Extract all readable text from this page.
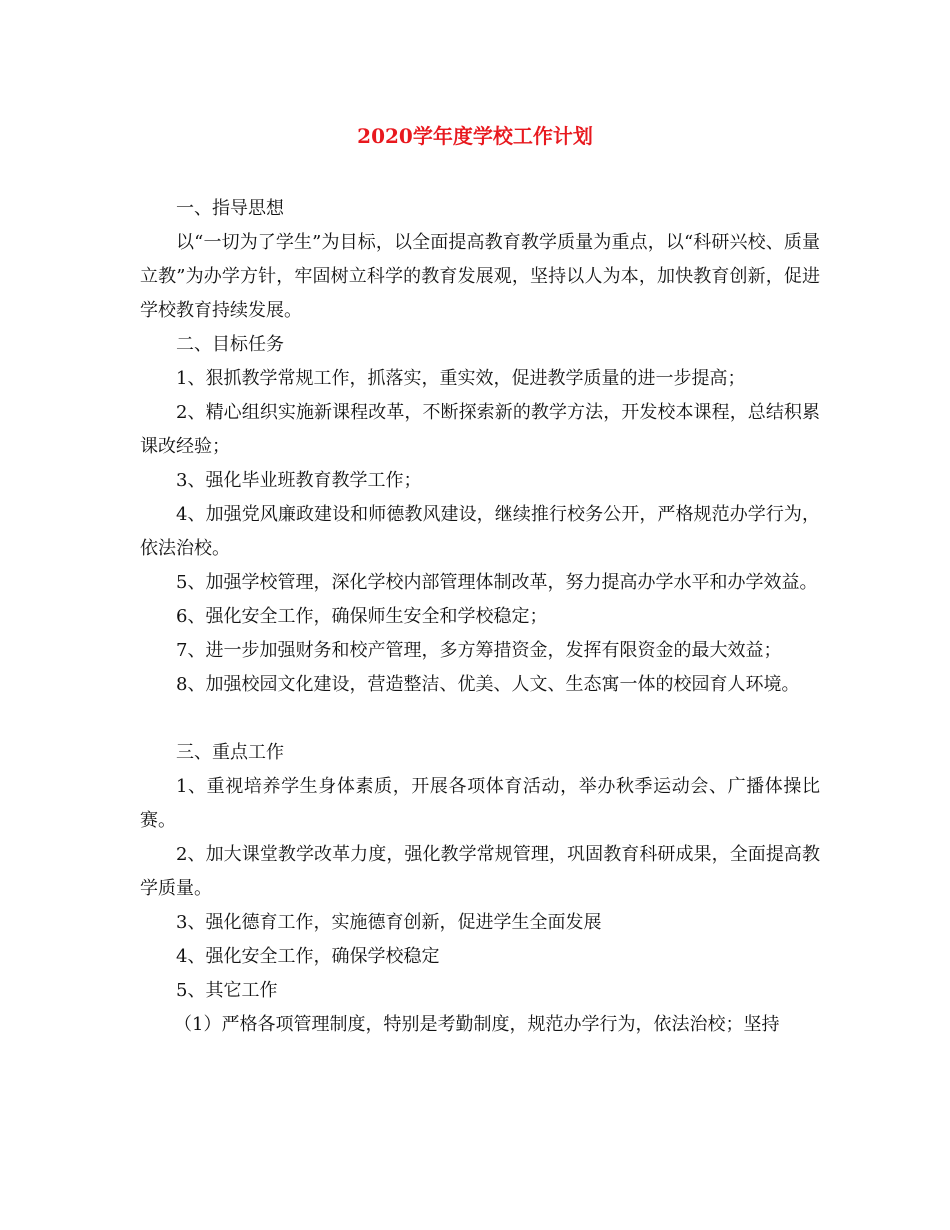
2020学年度学校工作计划

一、指导思想

以“一切为了学生”为目标，以全面提高教育教学质量为重点，以“科研兴校、质量立教”为办学方针，牢固树立科学的教育发展观，坚持以人为本，加快教育创新，促进学校教育持续发展。

二、目标任务

1、狠抓教学常规工作，抓落实，重实效，促进教学质量的进一步提高；

2、精心组织实施新课程改革，不断探索新的教学方法，开发校本课程，总结积累课改经验；

3、强化毕业班教育教学工作；

4、加强党风廉政建设和师德教风建设，继续推行校务公开，严格规范办学行为，依法治校。

5、加强学校管理，深化学校内部管理体制改革，努力提高办学水平和办学效益。

6、强化安全工作，确保师生安全和学校稳定；

7、进一步加强财务和校产管理，多方筹措资金，发挥有限资金的最大效益；

8、加强校园文化建设，营造整洁、优美、人文、生态寓一体的校园育人环境。

三、重点工作

1、重视培养学生身体素质，开展各项体育活动，举办秋季运动会、广播体操比赛。

2、加大课堂教学改革力度，强化教学常规管理，巩固教育科研成果，全面提高教学质量。

3、强化德育工作，实施德育创新，促进学生全面发展

4、强化安全工作，确保学校稳定

5、其它工作

（1）严格各项管理制度，特别是考勤制度，规范办学行为，依法治校；坚持
